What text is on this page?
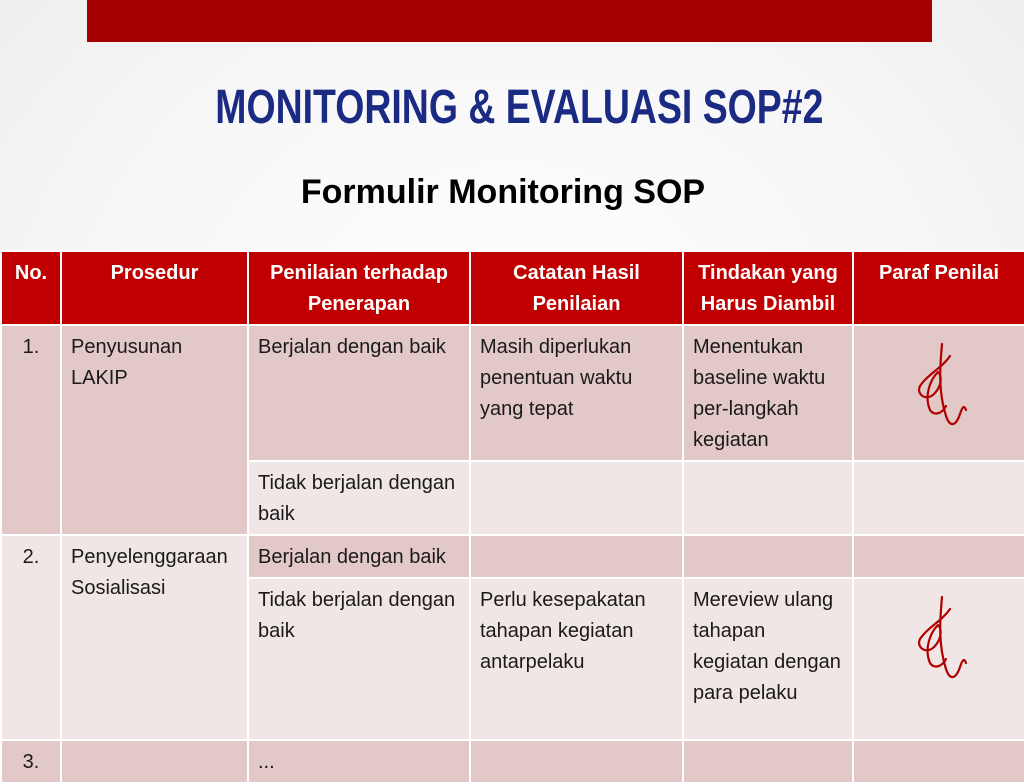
MONITORING & EVALUASI SOP#2
Formulir Monitoring SOP
No.	Prosedur	Penilaian terhadap Penerapan	Catatan Hasil Penilaian	Tindakan yang Harus Diambil	Paraf Penilai
1.	Penyusunan LAKIP	Berjalan dengan baik	Masih diperlukan penentuan waktu yang tepat	Menentukan baseline waktu per-langkah kegiatan	

		Tidak berjalan dengan baik			
2.	Penyelenggaraan Sosialisasi	Berjalan dengan baik			
		Tidak berjalan dengan baik	Perlu kesepakatan tahapan kegiatan antarpelaku	Mereview ulang tahapan kegiatan dengan para pelaku	

3.		...			
